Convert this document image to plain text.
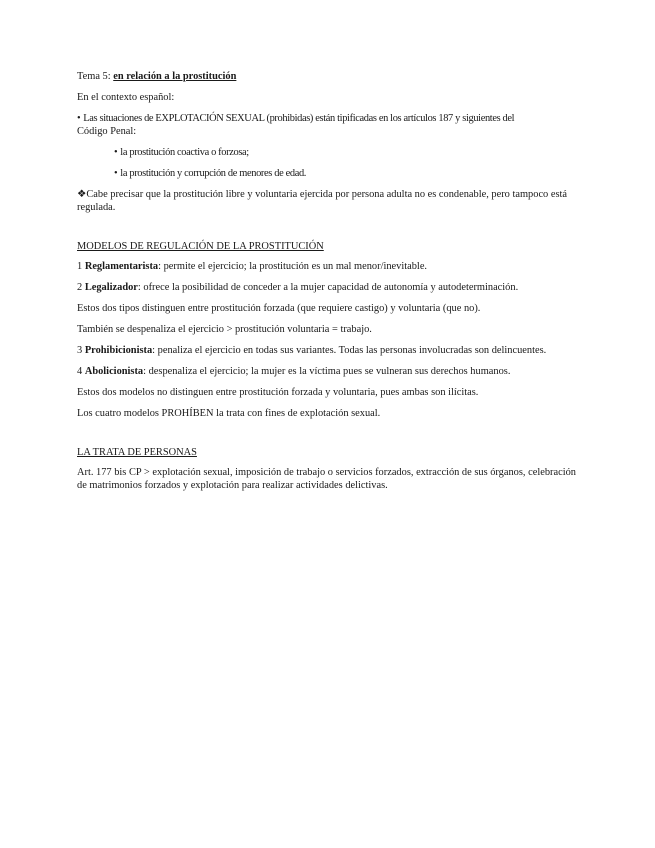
Tema 5: en relación a la prostitución

En el contexto español:

• Las situaciones de EXPLOTACIÓN SEXUAL (prohibidas) están tipificadas en los artículos 187 y siguientes del
Código Penal:

• la prostitución coactiva o forzosa;

• la prostitución y corrupción de menores de edad.

❖Cabe precisar que la prostitución libre y voluntaria ejercida por persona adulta no es condenable, pero tampoco está regulada.

MODELOS DE REGULACIÓN DE LA PROSTITUCIÓN

1 Reglamentarista: permite el ejercicio; la prostitución es un mal menor/inevitable.

2 Legalizador: ofrece la posibilidad de conceder a la mujer capacidad de autonomía y autodeterminación.

Estos dos tipos distinguen entre prostitución forzada (que requiere castigo) y voluntaria (que no).

También se despenaliza el ejercicio > prostitución voluntaria = trabajo.

3 Prohibicionista: penaliza el ejercicio en todas sus variantes. Todas las personas involucradas son delincuentes.

4 Abolicionista: despenaliza el ejercicio; la mujer es la víctima pues se vulneran sus derechos humanos.

Estos dos modelos no distinguen entre prostitución forzada y voluntaria, pues ambas son ilícitas.

Los cuatro modelos PROHÍBEN la trata con fines de explotación sexual.

LA TRATA DE PERSONAS

Art. 177 bis CP > explotación sexual, imposición de trabajo o servicios forzados, extracción de sus órganos, celebración de matrimonios forzados y explotación para realizar actividades delictivas.
